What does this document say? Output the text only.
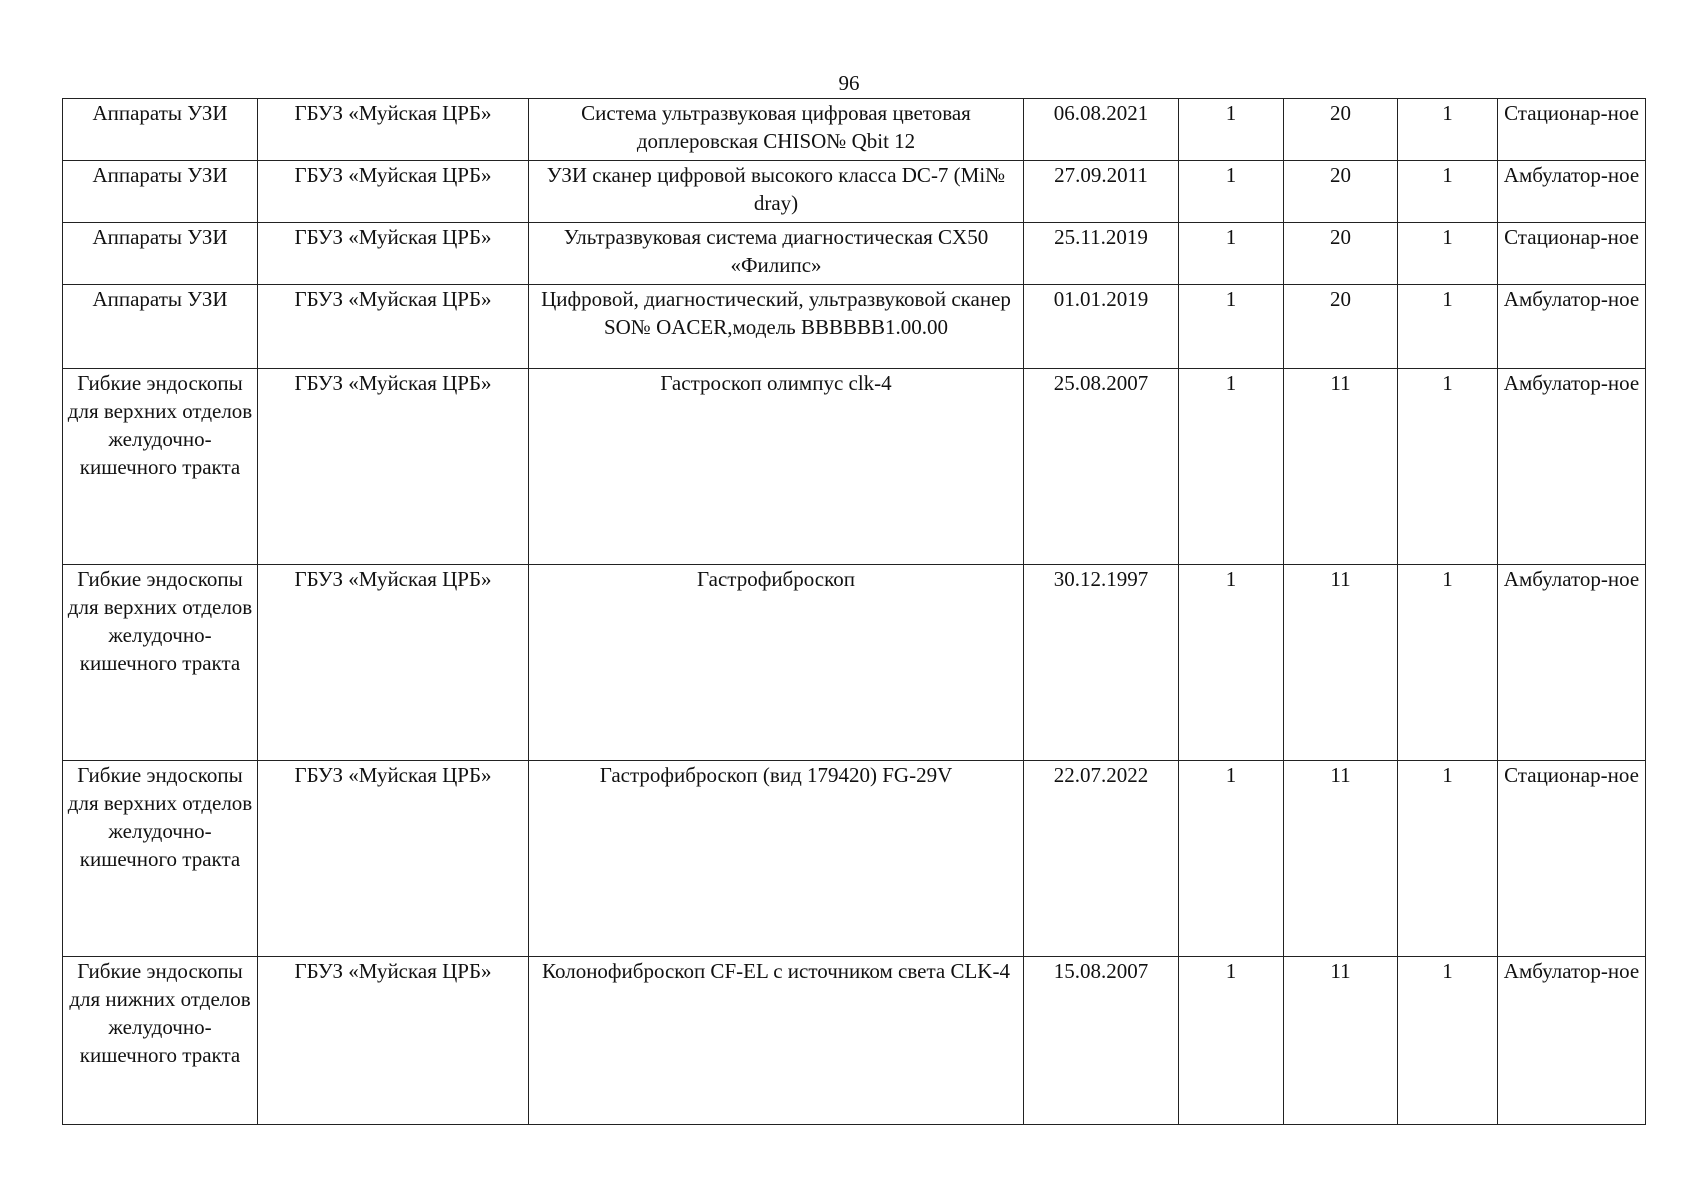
96
Аппараты УЗИ	ГБУЗ «Муйская ЦРБ»	Система ультразвуковая цифровая цветовая доплеровская CHISO№ Qbit 12	06.08.2021	1	20	1	Стационар-ное
Аппараты УЗИ	ГБУЗ «Муйская ЦРБ»	УЗИ сканер цифровой высокого класса DC-7 (Mi№ dray)	27.09.2011	1	20	1	Амбулатор-ное
Аппараты УЗИ	ГБУЗ «Муйская ЦРБ»	Ультразвуковая система диагностическая CX50 «Филипс»	25.11.2019	1	20	1	Стационар-ное
Аппараты УЗИ	ГБУЗ «Муйская ЦРБ»	Цифровой, диагностический, ультразвуковой сканер SO№ OACER,модель BBBBBB1.00.00	01.01.2019	1	20	1	Амбулатор-ное
Гибкие эндоскопы для верхних отделов желудочно-кишечного тракта	ГБУЗ «Муйская ЦРБ»	Гастроскоп олимпус clk-4	25.08.2007	1	11	1	Амбулатор-ное
Гибкие эндоскопы для верхних отделов желудочно-кишечного тракта	ГБУЗ «Муйская ЦРБ»	Гастрофиброскоп	30.12.1997	1	11	1	Амбулатор-ное
Гибкие эндоскопы для верхних отделов желудочно-кишечного тракта	ГБУЗ «Муйская ЦРБ»	Гастрофиброскоп (вид 179420) FG-29V	22.07.2022	1	11	1	Стационар-ное
Гибкие эндоскопы для нижних отделов желудочно-кишечного тракта	ГБУЗ «Муйская ЦРБ»	Колонофиброскоп CF-EL с источником света CLK-4	15.08.2007	1	11	1	Амбулатор-ное
